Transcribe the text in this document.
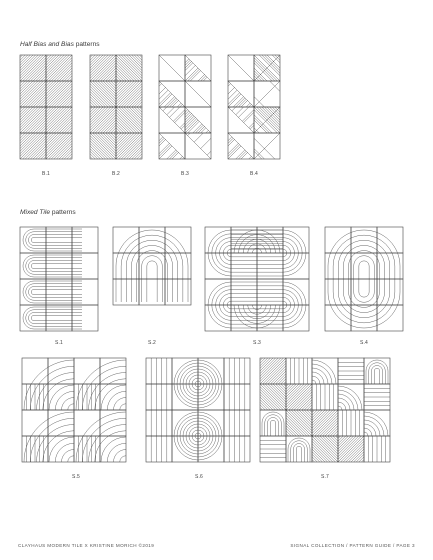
Half Bias and Bias patterns
B.1	B.2	B.3	B.4
Mixed Tile patterns
S.1	S.2	S.3	S.4
S.5	S.6	S.7
CLAYHAUS MODERN TILE X KRISTINE MORICH ©2019	SIGNAL COLLECTION / PATTERN GUIDE / PAGE 3
